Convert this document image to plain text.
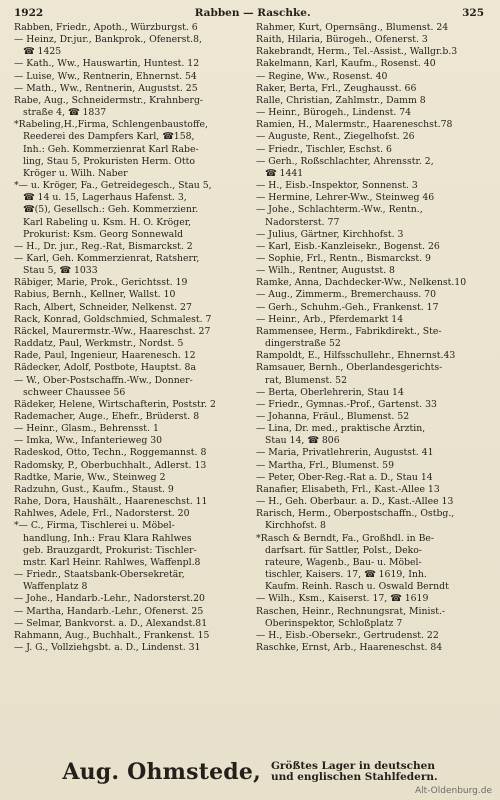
1922	Rabben — Raschke.	325
Rabben, Friedr., Apoth., Würzburgst. 6
— Heinz, Dr.jur., Bankprok., Ofenerst.8,
☎ 1425
— Kath., Ww., Hauswartin, Huntest. 12
— Luise, Ww., Rentnerin, Ehnernst. 54
— Math., Ww., Rentnerin, Augustst. 25
Rabe, Aug., Schneidermstr., Krahnberg-
straße 4, ☎ 1837
*Rabeling,H.,Firma, Schlengenbaustoffe,
Reederei des Dampfers Karl, ☎158,
Inh.: Geh. Kommerzienrat Karl Rabe-
ling, Stau 5, Prokuristen Herm. Otto
Kröger u. Wilh. Naber
*— u. Kröger, Fa., Getreidegesch., Stau 5,
☎ 14 u. 15, Lagerhaus Hafenst. 3,
☎(5), Gesellsch.: Geh. Kommerzienr.
Karl Rabeling u. Ksm. H. O. Kröger,
Prokurist: Ksm. Georg Sonnewald
— H., Dr. jur., Reg.-Rat, Bismarckst. 2
— Karl, Geh. Kommerzienrat, Ratsherr,
Stau 5, ☎ 1033
Räbiger, Marie, Prok., Gerichtsst. 19
Rabius, Bernh., Kellner, Wallst. 10
Rach, Albert, Schneider, Nelkenst. 27
Rack, Konrad, Goldschmied, Schmalest. 7
Räckel, Maurermstr.-Ww., Haareschst. 27
Raddatz, Paul, Werkmstr., Nordst. 5
Rade, Paul, Ingenieur, Haarenesch. 12
Rädecker, Adolf, Postbote, Hauptst. 8a
— W., Ober-Postschaffn.-Ww., Donner-
schweer Chaussee 56
Rädeker, Helene, Wirtschafterin, Poststr. 2
Rademacher, Auge., Ehefr., Brüderst. 8
— Heinr., Glasm., Behrensst. 1
— Imka, Ww., Infanterieweg 30
Radeskod, Otto, Techn., Roggemannst. 8
Radomsky, P., Oberbuchhalt., Adlerst. 13
Radtke, Marie, Ww., Steinweg 2
Radzuhn, Gust., Kaufm., Staust. 9
Rahe, Dora, Haushält., Haareneschst. 11
Rahlwes, Adele, Frl., Nadorsterst. 20
*— C., Firma, Tischlerei u. Möbel-
handlung, Inh.: Frau Klara Rahlwes
geb. Brauzgardt, Prokurist: Tischler-
mstr. Karl Heinr. Rahlwes, Waffenpl.8
— Friedr., Staatsbank-Obersekretär,
Waffenplatz 8
— Johe., Handarb.-Lehr., Nadorsterst.20
— Martha, Handarb.-Lehr., Ofenerst. 25
— Selmar, Bankvorst. a. D., Alexandst.81
Rahmann, Aug., Buchhalt., Frankenst. 15
— J. G., Vollziehgsbt. a. D., Lindenst. 31
Rahmer, Kurt, Opernsäng., Blumenst. 24
Raith, Hilaria, Bürogeh., Ofenerst. 3
Rakebrandt, Herm., Tel.-Assist., Wallgr.b.3
Rakelmann, Karl, Kaufm., Rosenst. 40
— Regine, Ww., Rosenst. 40
Raker, Berta, Frl., Zeughausst. 66
Ralle, Christian, Zahlmstr., Damm 8
— Heinr., Bürogeh., Lindenst. 74
Ramien, H., Malermstr., Haareneschst.78
— Auguste, Rent., Ziegelhofst. 26
— Friedr., Tischler, Eschst. 6
— Gerh., Roßschlachter, Ahrensstr. 2,
☎ 1441
— H., Eisb.-Inspektor, Sonnenst. 3
— Hermine, Lehrer-Ww., Steinweg 46
— Johe., Schlachterm.-Ww., Rentn.,
Nadorsterst. 77
— Julius, Gärtner, Kirchhofst. 3
— Karl, Eisb.-Kanzleisekr., Bogenst. 26
— Sophie, Frl., Rentn., Bismarckst. 9
— Wilh., Rentner, Augustst. 8
Ramke, Anna, Dachdecker-Ww., Nelkenst.10
— Aug., Zimmerm., Bremerchauss. 70
— Gerh., Schuhm.-Geh., Frankenst. 17
— Heinr., Arb., Pferdemarkt 14
Rammensee, Herm., Fabrikdirekt., Ste-
dingerstraße 52
Rampoldt, E., Hilfsschullehr., Ehnernst.43
Ramsauer, Bernh., Oberlandesgerichts-
rat, Blumenst. 52
— Berta, Oberlehrerin, Stau 14
— Friedr., Gymnas.-Prof., Gartenst. 33
— Johanna, Fräul., Blumenst. 52
— Lina, Dr. med., praktische Ärztin,
Stau 14, ☎ 806
— Maria, Privatlehrerin, Augustst. 41
— Martha, Frl., Blumenst. 59
— Peter, Ober-Reg.-Rat a. D., Stau 14
Ranafier, Elisabeth, Frl., Kast.-Allee 13
— H., Geh. Oberbaur. a. D., Kast.-Allee 13
Rarisch, Herm., Oberpostschaffn., Ostbg.,
Kirchhofst. 8
*Rasch & Berndt, Fa., Großhdl. in Be-
darfsart. für Sattler, Polst., Deko-
rateure, Wagenb., Bau- u. Möbel-
tischler, Kaisers. 17, ☎ 1619, Inh.
Kaufm. Reinh. Rasch u. Oswald Berndt
— Wilh., Ksm., Kaiserst. 17, ☎ 1619
Raschen, Heinr., Rechnungsrat, Minist.-
Oberinspektor, Schloßplatz 7
— H., Eisb.-Obersekr., Gertrudenst. 22
Raschke, Ernst, Arb., Haareneschst. 84
Aug. Ohmstede, Größtes Lager in deutschen
und englischen Stahlfedern.
Alt-Oldenburg.de
